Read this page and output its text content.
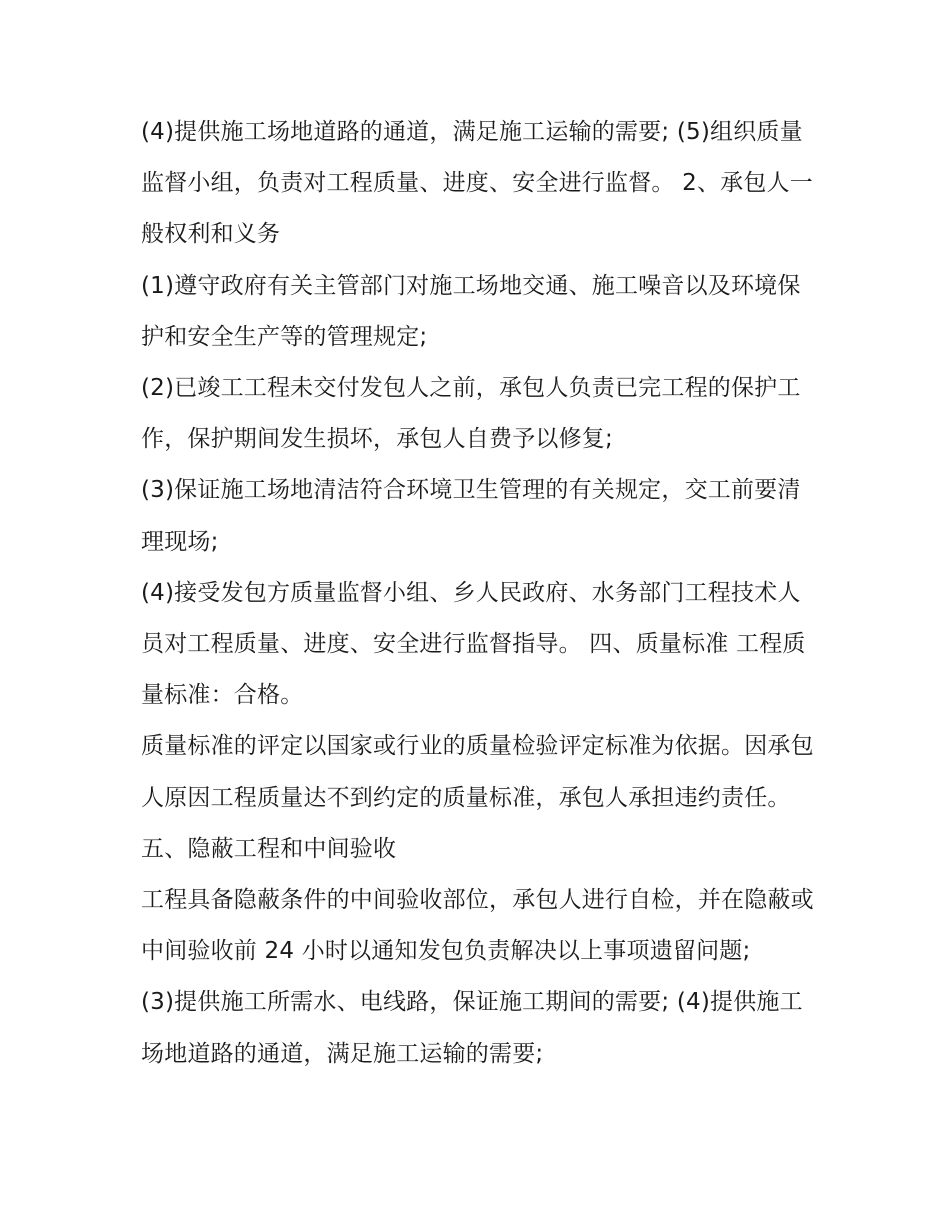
(4)提供施工场地道路的通道，满足施工运输的需要; (5)组织质量监督小组，负责对工程质量、进度、安全进行监督。 2、承包人一般权利和义务

(1)遵守政府有关主管部门对施工场地交通、施工噪音以及环境保护和安全生产等的管理规定;

(2)已竣工工程未交付发包人之前，承包人负责已完工程的保护工作，保护期间发生损坏，承包人自费予以修复;

(3)保证施工场地清洁符合环境卫生管理的有关规定，交工前要清理现场;

(4)接受发包方质量监督小组、乡人民政府、水务部门工程技术人员对工程质量、进度、安全进行监督指导。 四、质量标准 工程质量标准：合格。

质量标准的评定以国家或行业的质量检验评定标准为依据。因承包人原因工程质量达不到约定的质量标准，承包人承担违约责任。 五、隐蔽工程和中间验收

工程具备隐蔽条件的中间验收部位，承包人进行自检，并在隐蔽或中间验收前 24 小时以通知发包负责解决以上事项遗留问题;

(3)提供施工所需水、电线路，保证施工期间的需要; (4)提供施工场地道路的通道，满足施工运输的需要;
